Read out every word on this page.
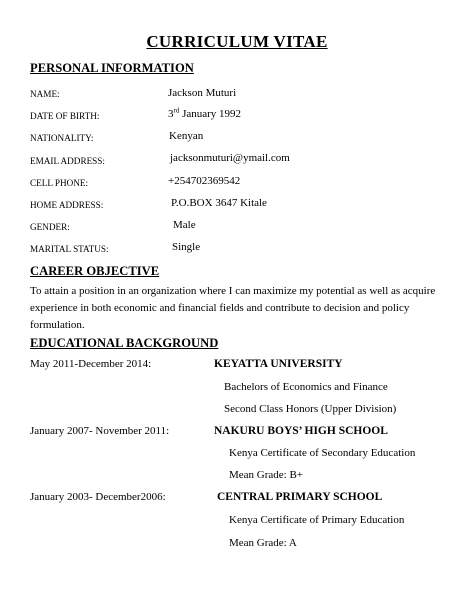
CURRICULUM VITAE
PERSONAL INFORMATION
NAME:	Jackson Muturi
DATE OF BIRTH:	3rd January 1992
NATIONALITY:	Kenyan
EMAIL ADDRESS:	jacksonmuturi@ymail.com
CELL PHONE:	+254702369542
HOME ADDRESS:	P.O.BOX 3647 Kitale
GENDER:	Male
MARITAL STATUS:	Single
CAREER OBJECTIVE
To attain a position in an organization where I can maximize my potential as well as acquire experience in both economic and financial fields and contribute to decision and policy formulation.
EDUCATIONAL BACKGROUND
May 2011-December 2014:	KEYATTA UNIVERSITY
Bachelors of Economics and Finance
Second Class Honors (Upper Division)
January 2007- November 2011:	NAKURU BOYS’ HIGH SCHOOL
Kenya Certificate of Secondary Education
Mean Grade: B+
January 2003- December2006:	CENTRAL PRIMARY SCHOOL
Kenya Certificate of Primary Education
Mean Grade: A
